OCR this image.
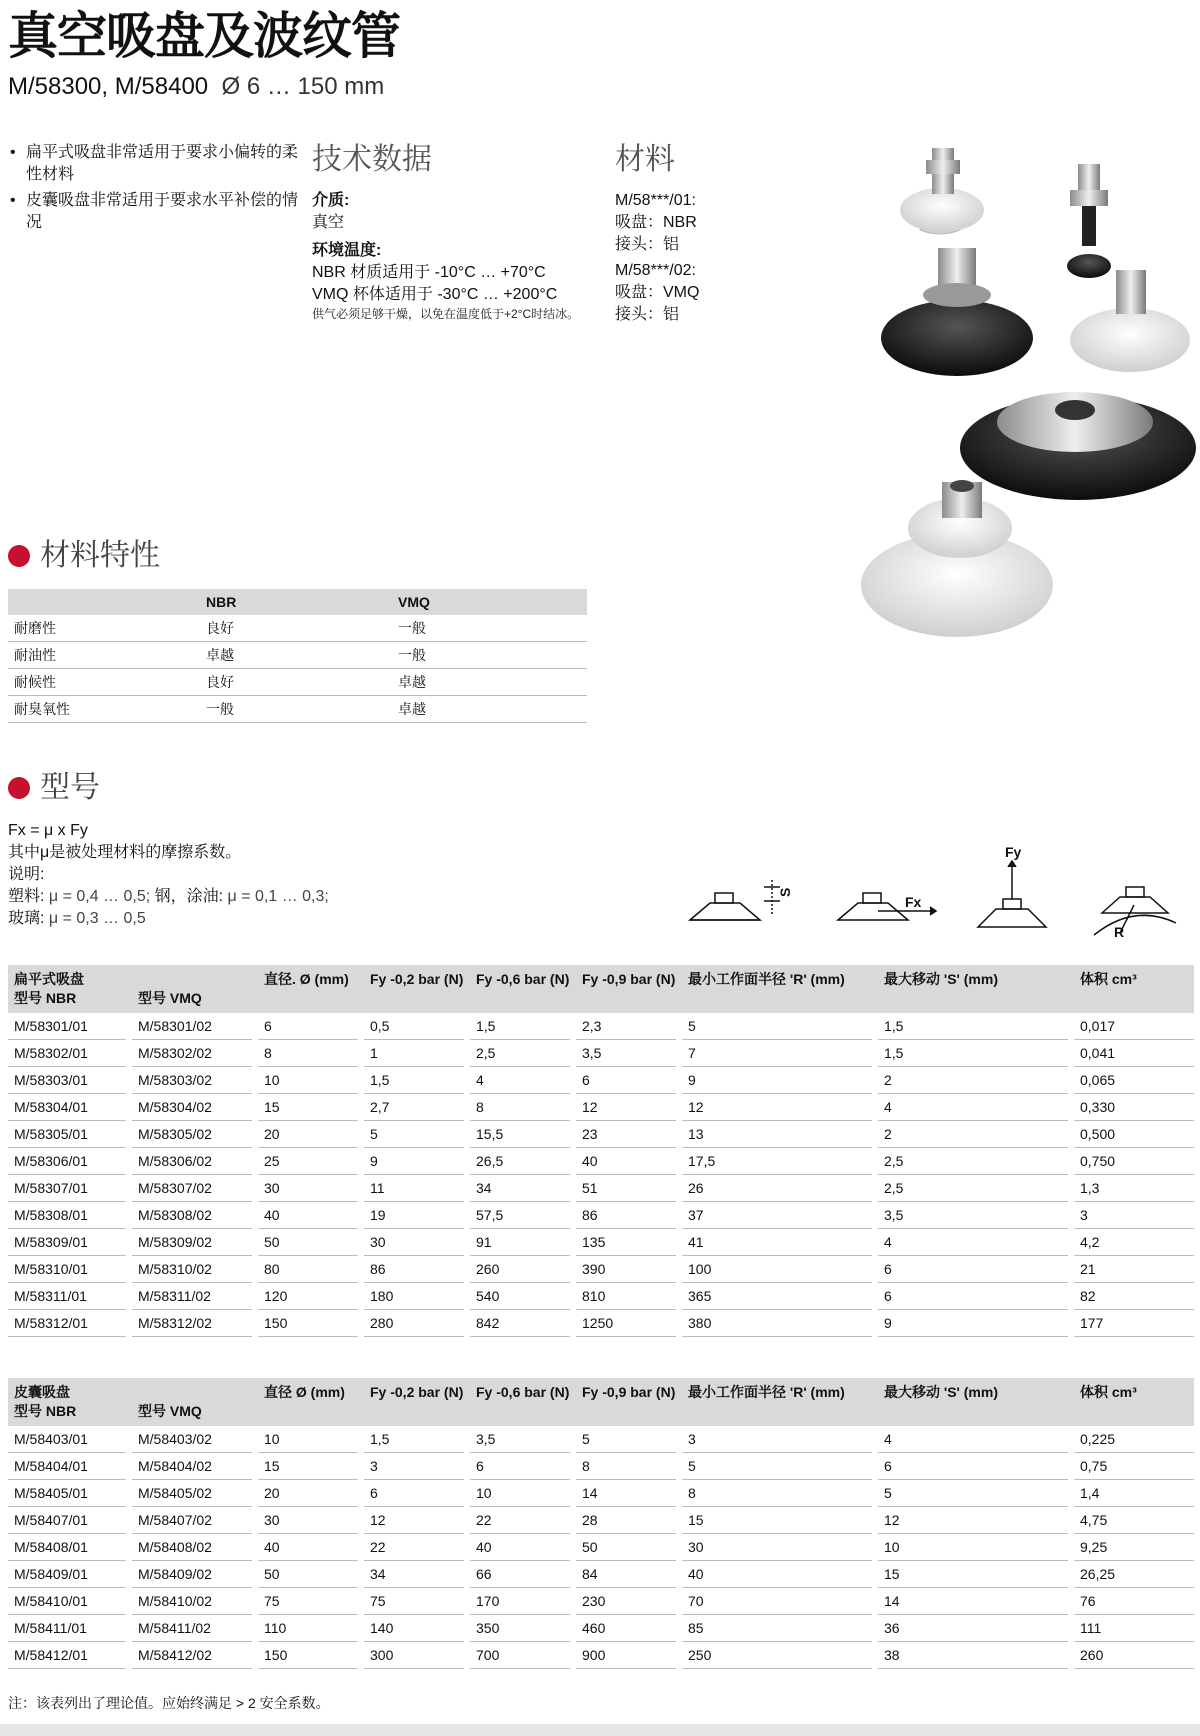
真空吸盘及波纹管
M/58300, M/58400 Ø 6 … 150 mm
• 扁平式吸盘非常适用于要求小偏转的柔性材料
• 皮囊吸盘非常适用于要求水平补偿的情况
技术数据
介质:
真空
环境温度:
NBR 材质适用于 -10°C … +70°C
VMQ 杯体适用于 -30°C … +200°C
供气必须足够干燥，以免在温度低于+2°C时结冰。
材料
M/58***/01:
吸盘：NBR
接头：铝
M/58***/02:
吸盘：VMQ
接头：铝
材料特性
	NBR	VMQ
耐磨性	良好	一般
耐油性	卓越	一般
耐候性	良好	卓越
耐臭氧性	一般	卓越
型号
Fx = μ x Fy
其中μ是被处理材料的摩擦系数。
说明:
塑料: μ = 0,4 … 0,5; 钢，涂油: μ = 0,1 … 0,3;
玻璃: μ = 0,3 … 0,5
S
Fx
Fy
R
扁平式吸盘				直径. Ø (mm)		Fy -0,2 bar (N)		Fy -0,6 bar (N)		Fy -0,9 bar (N)		最小工作面半径 'R' (mm)		最大移动 'S' (mm)		体积 cm³
型号 NBR		型号 VMQ														
M/58301/01		M/58301/02		6		0,5		1,5		2,3		5		1,5		0,017
M/58302/01		M/58302/02		8		1		2,5		3,5		7		1,5		0,041
M/58303/01		M/58303/02		10		1,5		4		6		9		2		0,065
M/58304/01		M/58304/02		15		2,7		8		12		12		4		0,330
M/58305/01		M/58305/02		20		5		15,5		23		13		2		0,500
M/58306/01		M/58306/02		25		9		26,5		40		17,5		2,5		0,750
M/58307/01		M/58307/02		30		11		34		51		26		2,5		1,3
M/58308/01		M/58308/02		40		19		57,5		86		37		3,5		3
M/58309/01		M/58309/02		50		30		91		135		41		4		4,2
M/58310/01		M/58310/02		80		86		260		390		100		6		21
M/58311/01		M/58311/02		120		180		540		810		365		6		82
M/58312/01		M/58312/02		150		280		842		1250		380		9		177
皮囊吸盘				直径 Ø (mm)		Fy -0,2 bar (N)		Fy -0,6 bar (N)		Fy -0,9 bar (N)		最小工作面半径 'R' (mm)		最大移动 'S' (mm)		体积 cm³
型号 NBR		型号 VMQ														
M/58403/01		M/58403/02		10		1,5		3,5		5		3		4		0,225
M/58404/01		M/58404/02		15		3		6		8		5		6		0,75
M/58405/01		M/58405/02		20		6		10		14		8		5		1,4
M/58407/01		M/58407/02		30		12		22		28		15		12		4,75
M/58408/01		M/58408/02		40		22		40		50		30		10		9,25
M/58409/01		M/58409/02		50		34		66		84		40		15		26,25
M/58410/01		M/58410/02		75		75		170		230		70		14		76
M/58411/01		M/58411/02		110		140		350		460		85		36		111
M/58412/01		M/58412/02		150		300		700		900		250		38		260
注：该表列出了理论值。应始终满足 > 2 安全系数。
